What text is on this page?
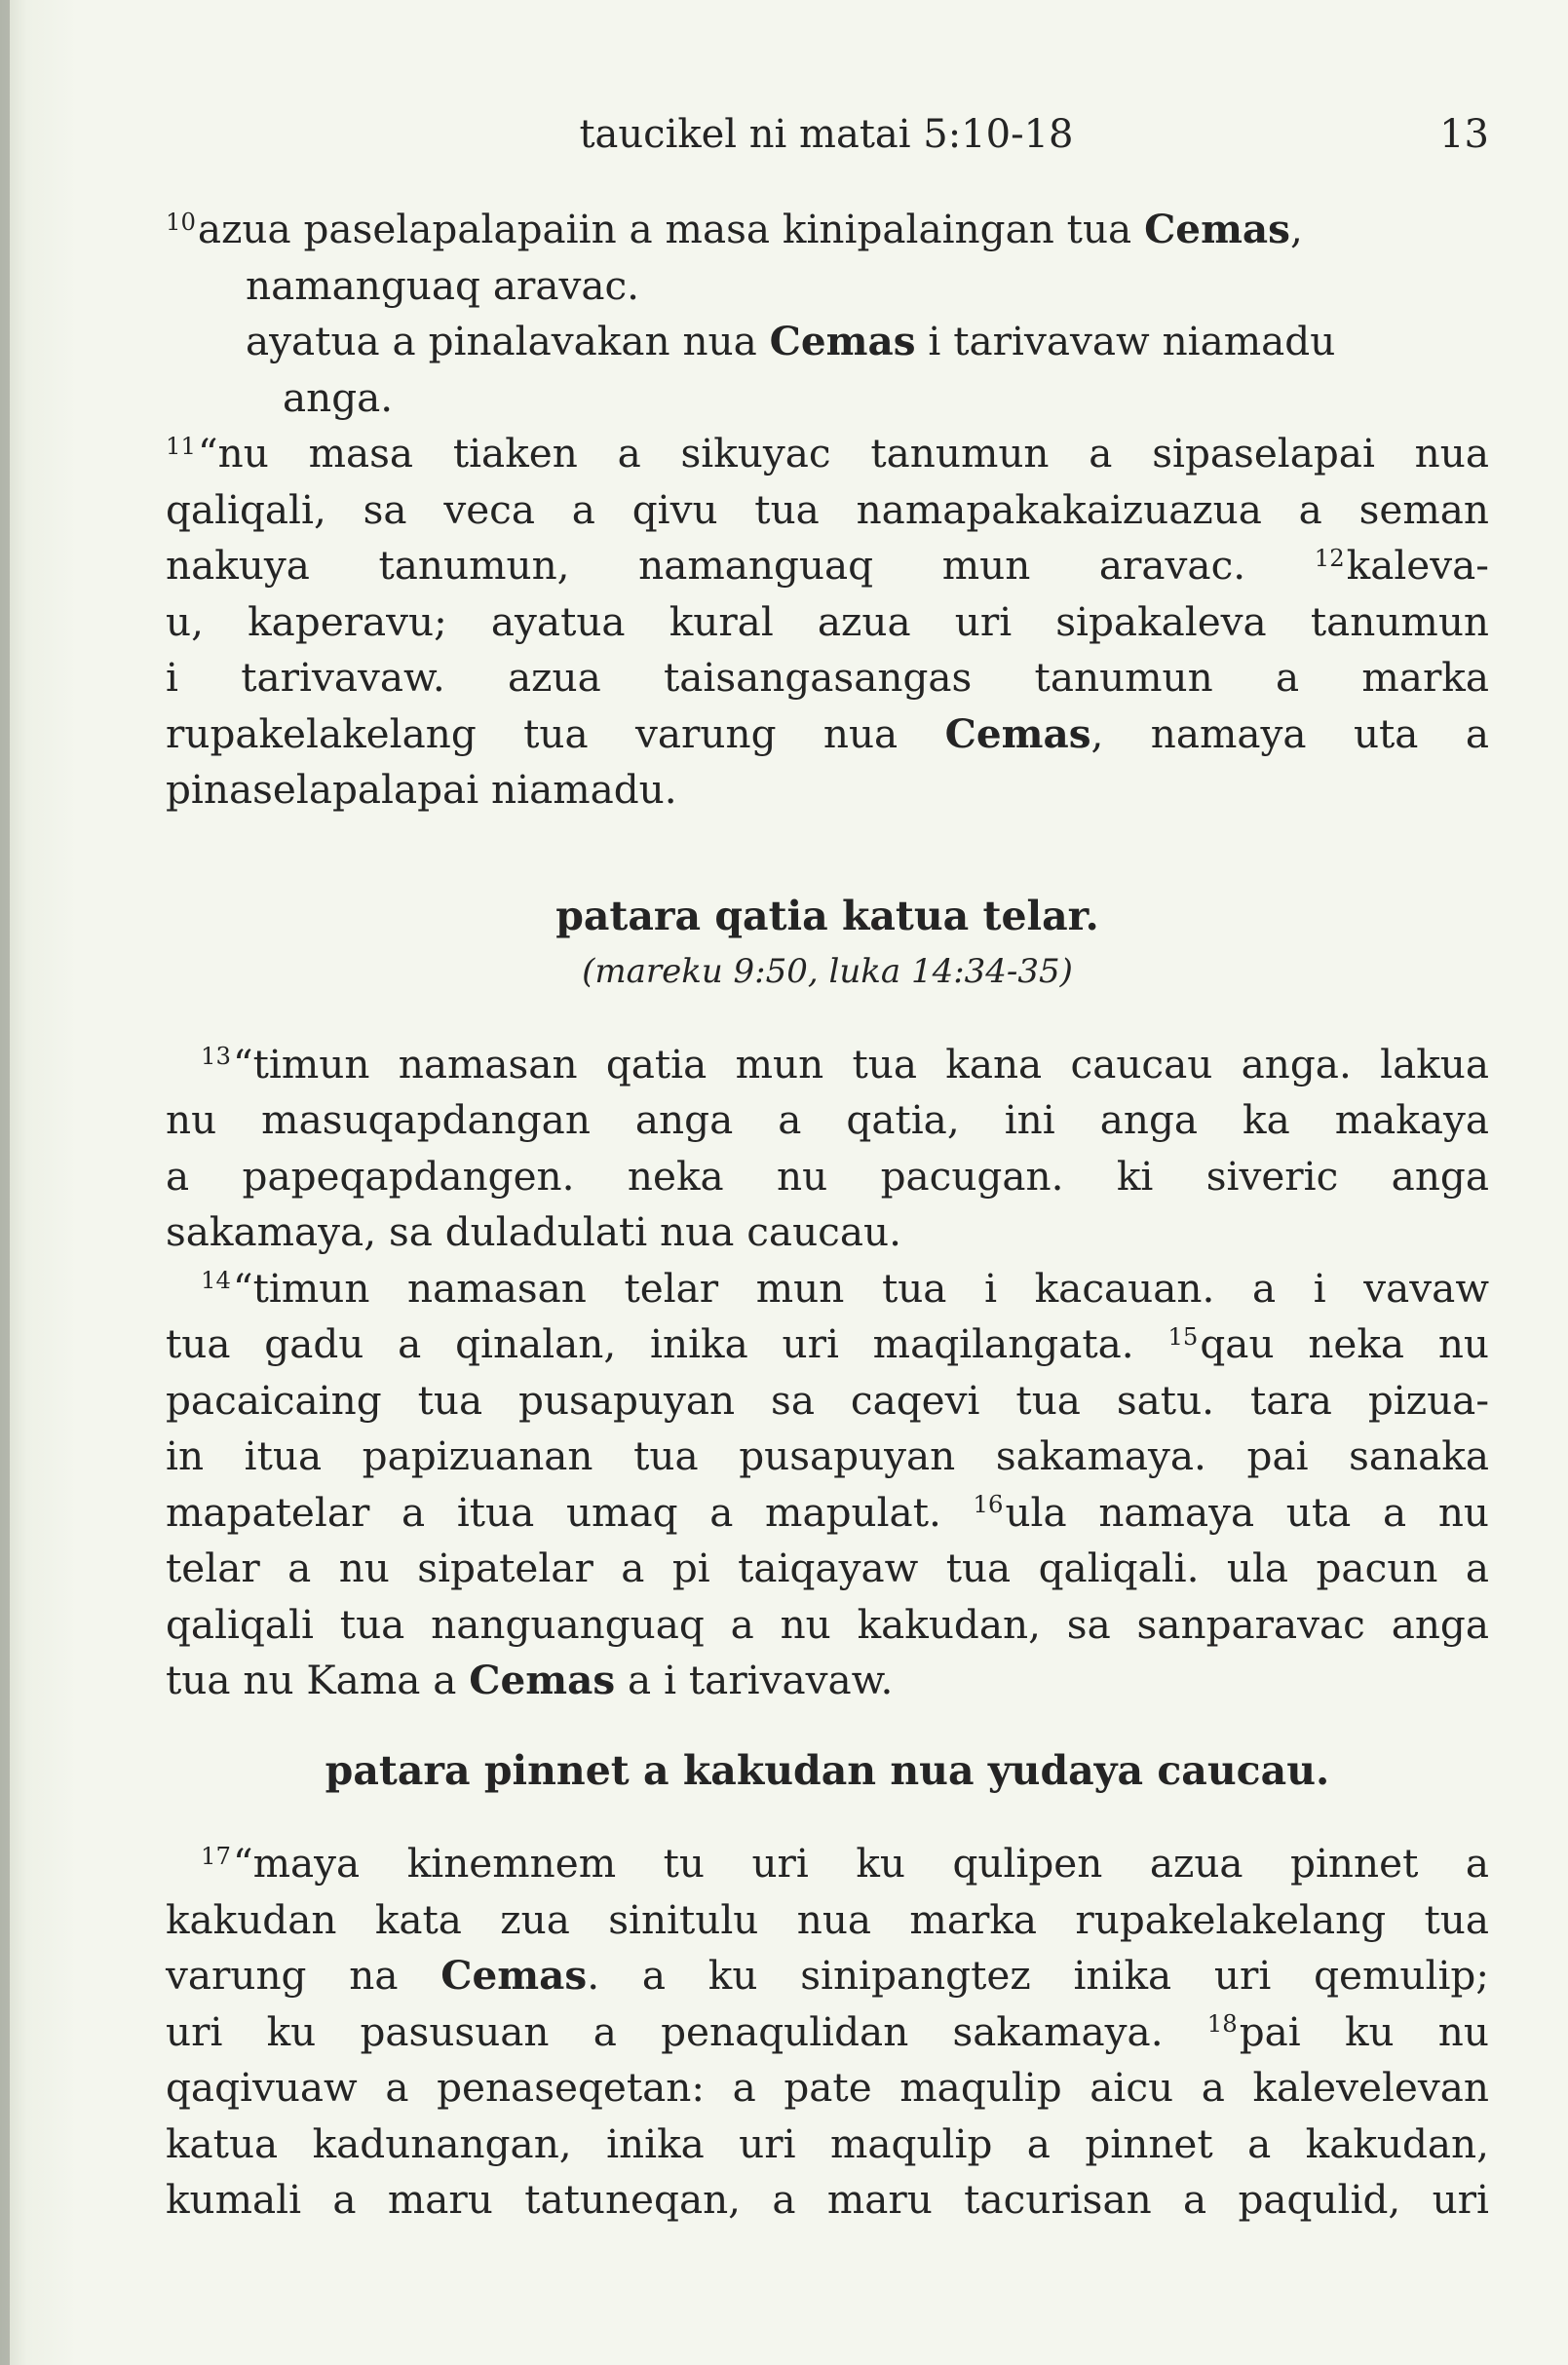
taucikel ni matai 5:10-18	13
$^{10}$azua paselapalapaiin a masa kinipalaingan tua Cemas,
namanguaq aravac.
ayatua a pinalavakan nua Cemas i tarivavaw niamadu
anga.
$^{11}$“nu masa tiaken a sikuyac tanumun a sipaselapai nua
qaliqali, sa veca a qivu tua namapakakaizuazua a seman
nakuya tanumun, namanguaq mun aravac. $^{12}$kaleva-
u, kaperavu; ayatua kural azua uri sipakaleva tanumun
i tarivavaw. azua taisangasangas tanumun a marka
rupakelakelang tua varung nua Cemas, namaya uta a
pinaselapalapai niamadu.
patara qatia katua telar.
(mareku 9:50, luka 14:34-35)
$^{13}$“timun namasan qatia mun tua kana caucau anga. lakua
nu masuqapdangan anga a qatia, ini anga ka makaya
a papeqapdangen. neka nu pacugan. ki siveric anga
sakamaya, sa duladulati nua caucau.
$^{14}$“timun namasan telar mun tua i kacauan. a i vavaw
tua gadu a qinalan, inika uri maqilangata. $^{15}$qau neka nu
pacaicaing tua pusapuyan sa caqevi tua satu. tara pizua-
in itua papizuanan tua pusapuyan sakamaya. pai sanaka
mapatelar a itua umaq a mapulat. $^{16}$ula namaya uta a nu
telar a nu sipatelar a pi taiqayaw tua qaliqali. ula pacun a
qaliqali tua nanguanguaq a nu kakudan, sa sanparavac anga
tua nu Kama a Cemas a i tarivavaw.
patara pinnet a kakudan nua yudaya caucau.
$^{17}$“maya kinemnem tu uri ku qulipen azua pinnet a
kakudan kata zua sinitulu nua marka rupakelakelang tua
varung na Cemas. a ku sinipangtez inika uri qemulip;
uri ku pasusuan a penaqulidan sakamaya. $^{18}$pai ku nu
qaqivuaw a penaseqetan: a pate maqulip aicu a kalevelevan
katua kadunangan, inika uri maqulip a pinnet a kakudan,
kumali a maru tatuneqan, a maru tacurisan a paqulid, uri
